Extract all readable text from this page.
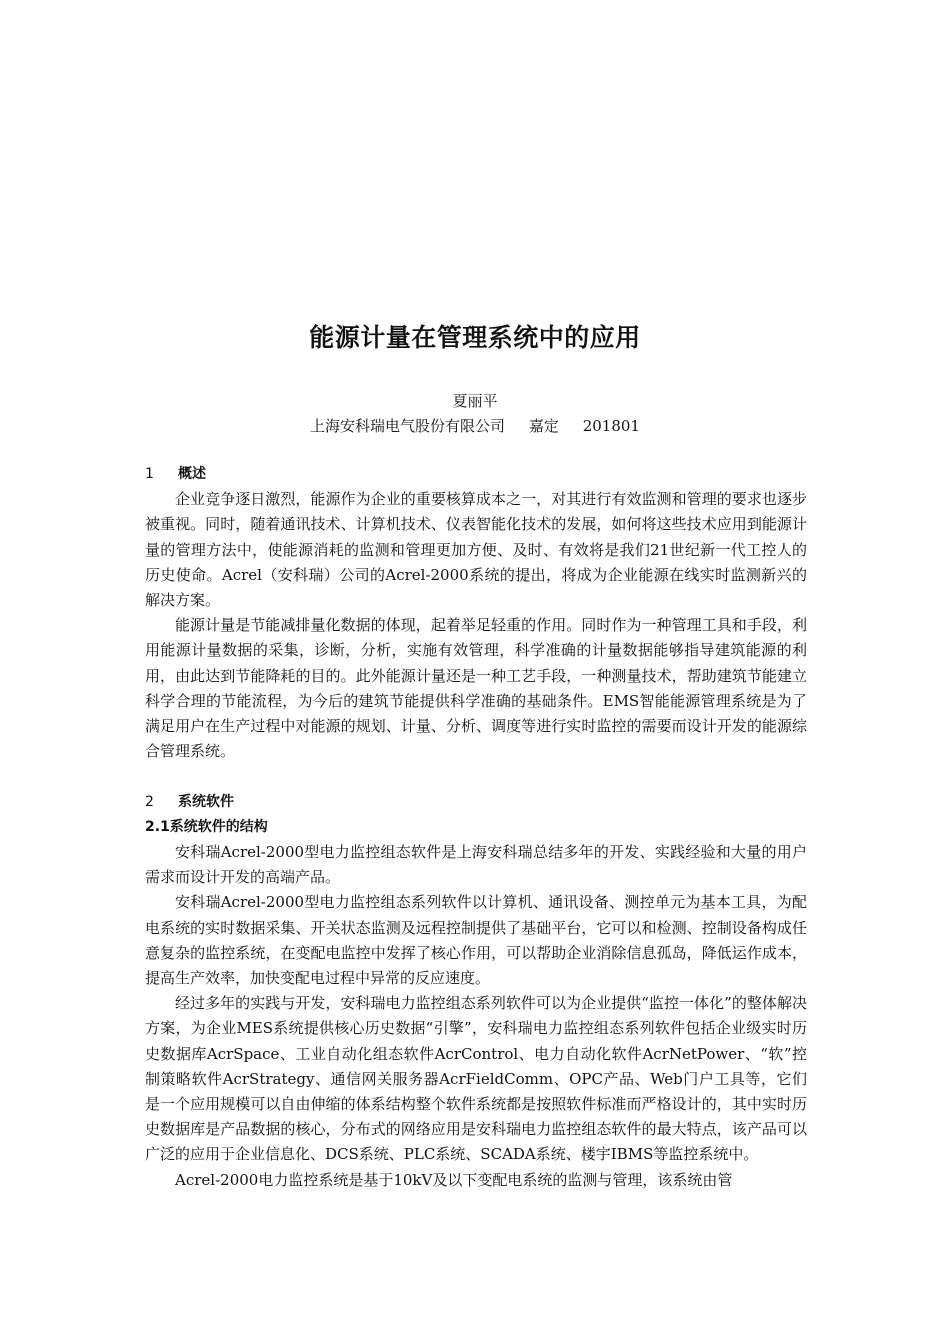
能源计量在管理系统中的应用
夏丽平
上海安科瑞电气股份有限公司     嘉定     201801
1 概述

企业竞争逐日激烈，能源作为企业的重要核算成本之一，对其进行有效监测和管理的要求也逐步被重视。同时，随着通讯技术、计算机技术、仪表智能化技术的发展，如何将这些技术应用到能源计量的管理方法中，使能源消耗的监测和管理更加方便、及时、有效将是我们21世纪新一代工控人的历史使命。Acrel（安科瑞）公司的Acrel-2000系统的提出，将成为企业能源在线实时监测新兴的解决方案。

能源计量是节能减排量化数据的体现，起着举足轻重的作用。同时作为一种管理工具和手段，利用能源计量数据的采集，诊断，分析，实施有效管理，科学准确的计量数据能够指导建筑能源的利用，由此达到节能降耗的目的。此外能源计量还是一种工艺手段，一种测量技术，帮助建筑节能建立科学合理的节能流程，为今后的建筑节能提供科学准确的基础条件。EMS智能能源管理系统是为了满足用户在生产过程中对能源的规划、计量、分析、调度等进行实时监控的需要而设计开发的能源综合管理系统。

2 系统软件
2.1系统软件的结构

安科瑞Acrel-2000型电力监控组态软件是上海安科瑞总结多年的开发、实践经验和大量的用户需求而设计开发的高端产品。

安科瑞Acrel-2000型电力监控组态系列软件以计算机、通讯设备、测控单元为基本工具，为配电系统的实时数据采集、开关状态监测及远程控制提供了基础平台，它可以和检测、控制设备构成任意复杂的监控系统，在变配电监控中发挥了核心作用，可以帮助企业消除信息孤岛，降低运作成本，提高生产效率，加快变配电过程中异常的反应速度。

经过多年的实践与开发，安科瑞电力监控组态系列软件可以为企业提供“监控一体化”的整体解决方案，为企业MES系统提供核心历史数据“引擎”，安科瑞电力监控组态系列软件包括企业级实时历史数据库AcrSpace、工业自动化组态软件AcrControl、电力自动化软件AcrNetPower、“软”控制策略软件AcrStrategy、通信网关服务器AcrFieldComm、OPC产品、Web门户工具等，它们是一个应用规模可以自由伸缩的体系结构整个软件系统都是按照软件标准而严格设计的，其中实时历史数据库是产品数据的核心，分布式的网络应用是安科瑞电力监控组态软件的最大特点，该产品可以广泛的应用于企业信息化、DCS系统、PLC系统、SCADA系统、楼宇IBMS等监控系统中。

Acrel-2000电力监控系统是基于10kV及以下变配电系统的监测与管理，该系统由管
